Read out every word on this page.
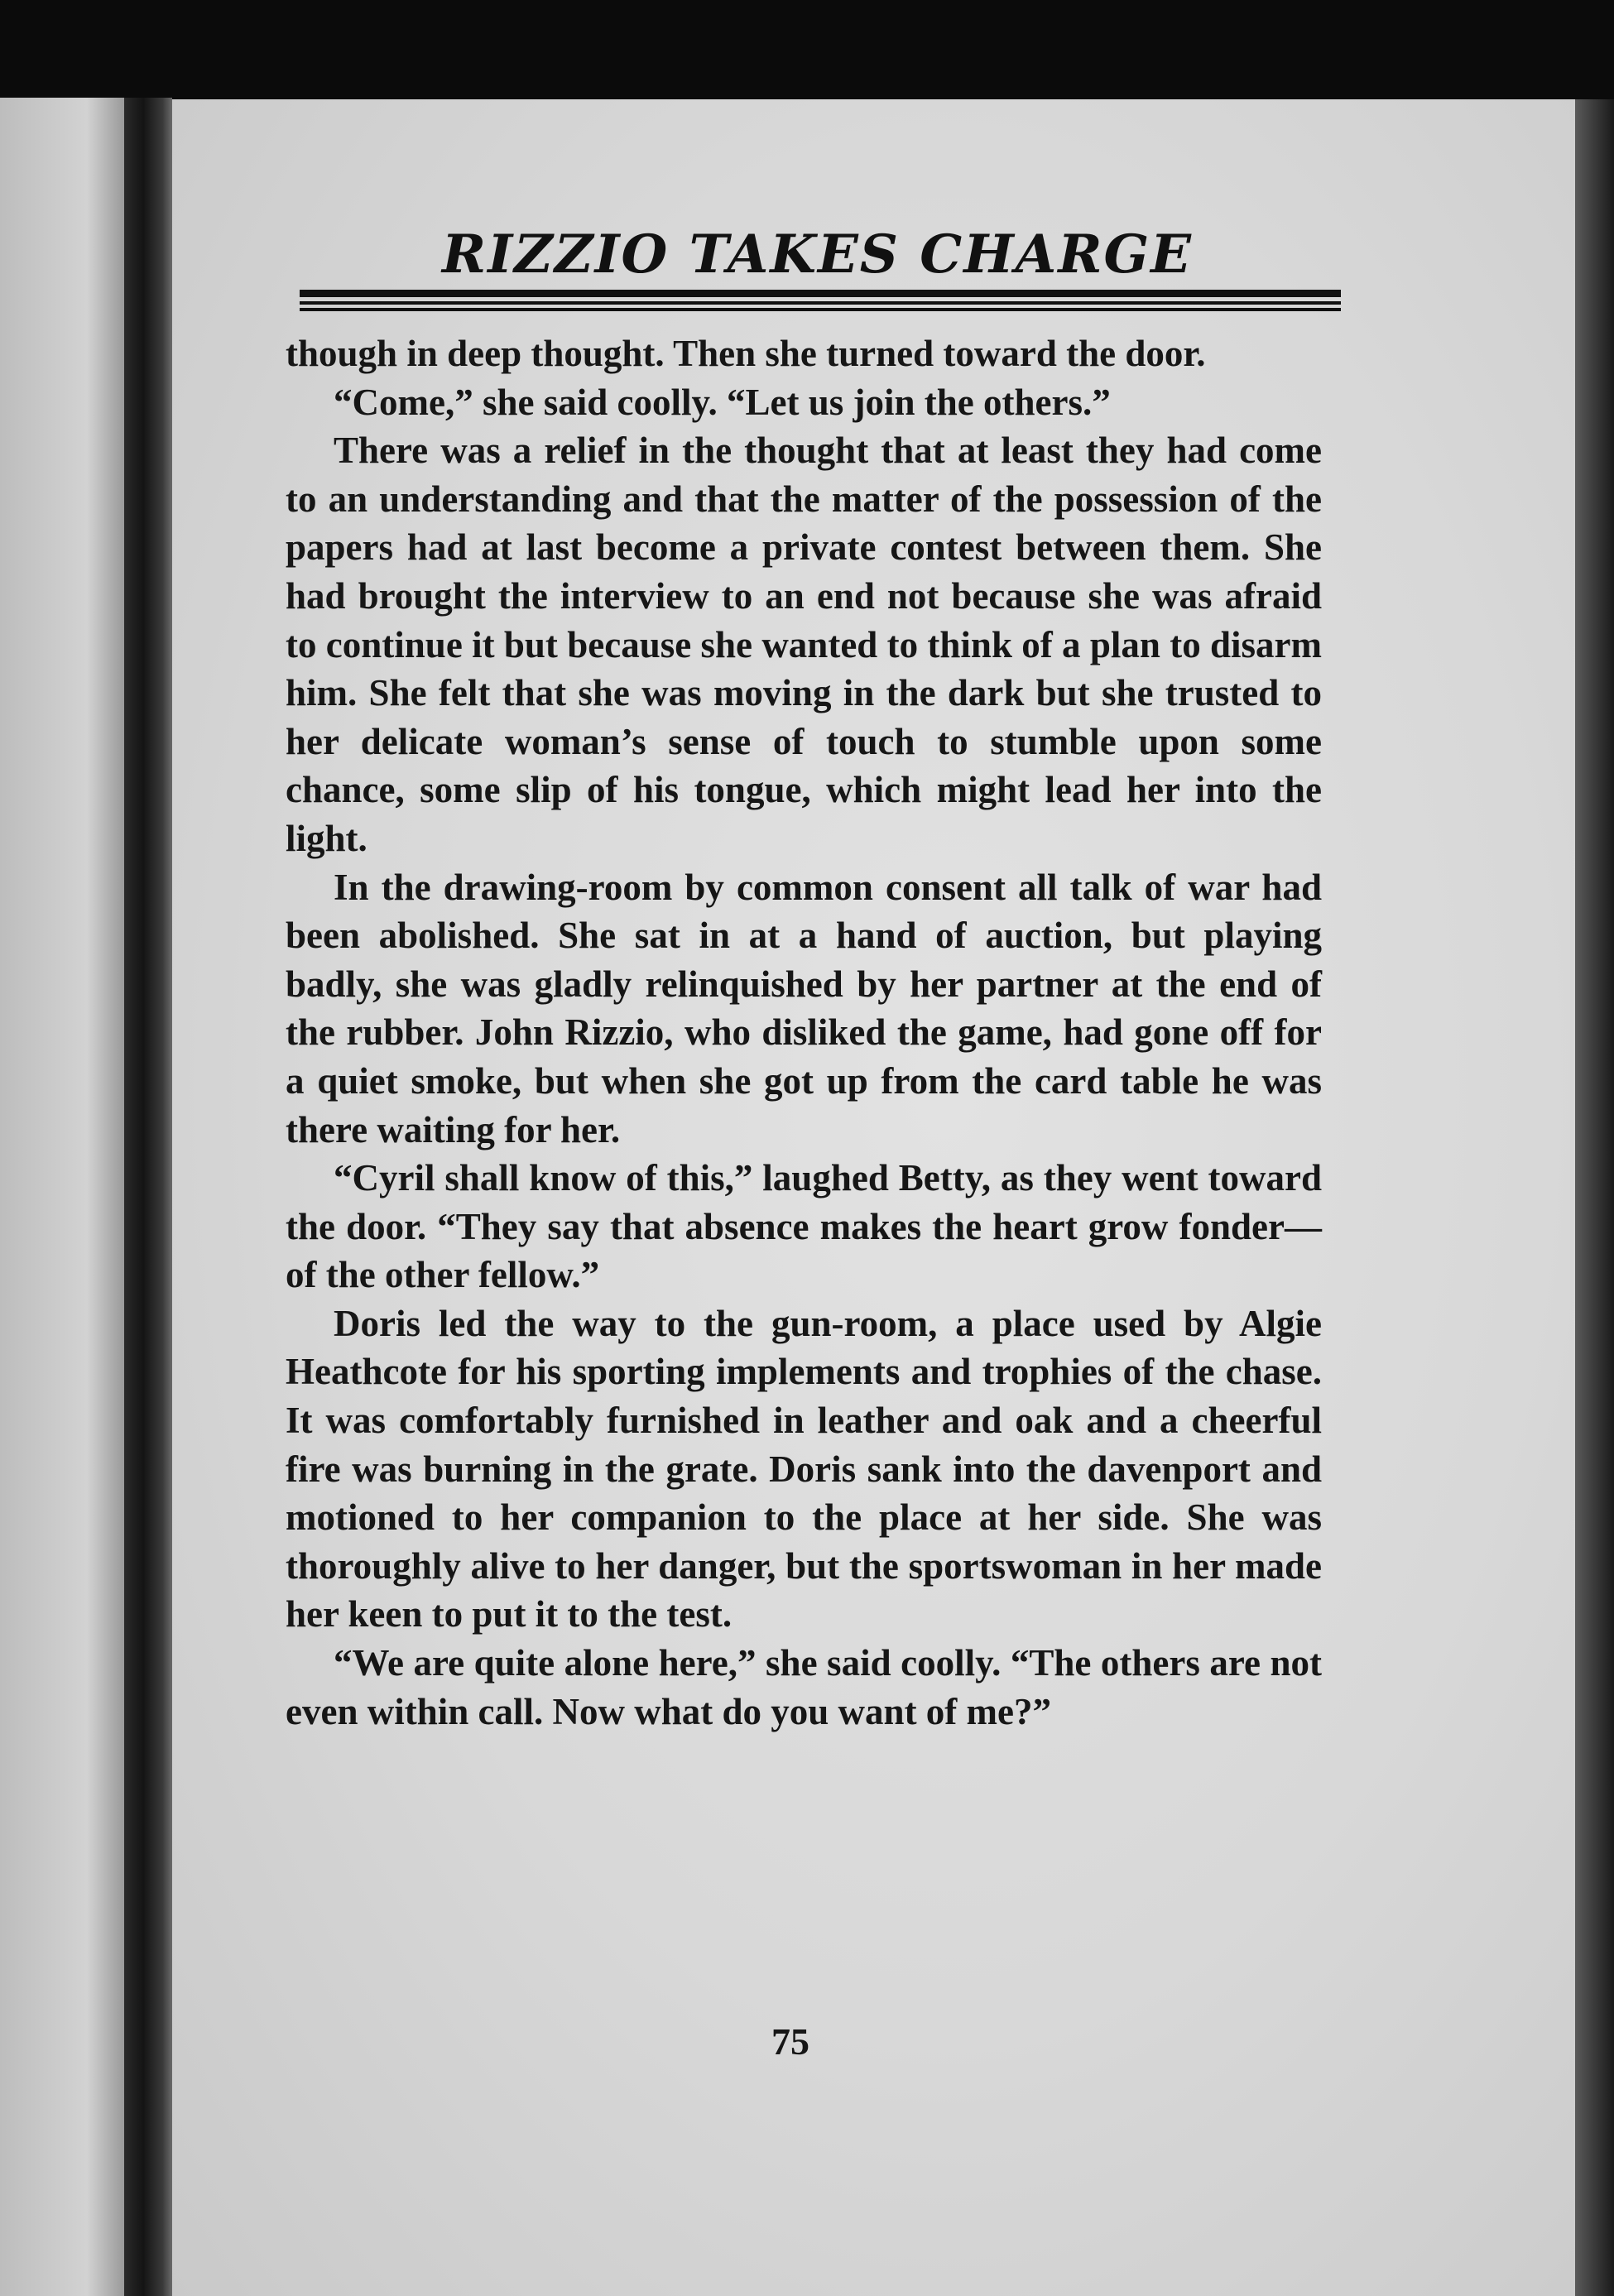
RIZZIO TAKES CHARGE

though in deep thought. Then she turned toward the door.

“Come,” she said coolly. “Let us join the others.”

There was a relief in the thought that at least they had come to an understanding and that the matter of the possession of the papers had at last become a private contest between them. She had brought the interview to an end not because she was afraid to continue it but because she wanted to think of a plan to disarm him. She felt that she was moving in the dark but she trusted to her delicate woman’s sense of touch to stumble upon some chance, some slip of his tongue, which might lead her into the light.

In the drawing-room by common consent all talk of war had been abolished. She sat in at a hand of auction, but playing badly, she was gladly relinquished by her partner at the end of the rubber. John Rizzio, who disliked the game, had gone off for a quiet smoke, but when she got up from the card table he was there waiting for her.

“Cyril shall know of this,” laughed Betty, as they went toward the door. “They say that absence makes the heart grow fonder—of the other fellow.”

Doris led the way to the gun-room, a place used by Algie Heathcote for his sporting implements and trophies of the chase. It was comfortably furnished in leather and oak and a cheerful fire was burning in the grate. Doris sank into the davenport and motioned to her companion to the place at her side. She was thoroughly alive to her danger, but the sportswoman in her made her keen to put it to the test.

“We are quite alone here,” she said coolly. “The others are not even within call. Now what do you want of me?”

75
